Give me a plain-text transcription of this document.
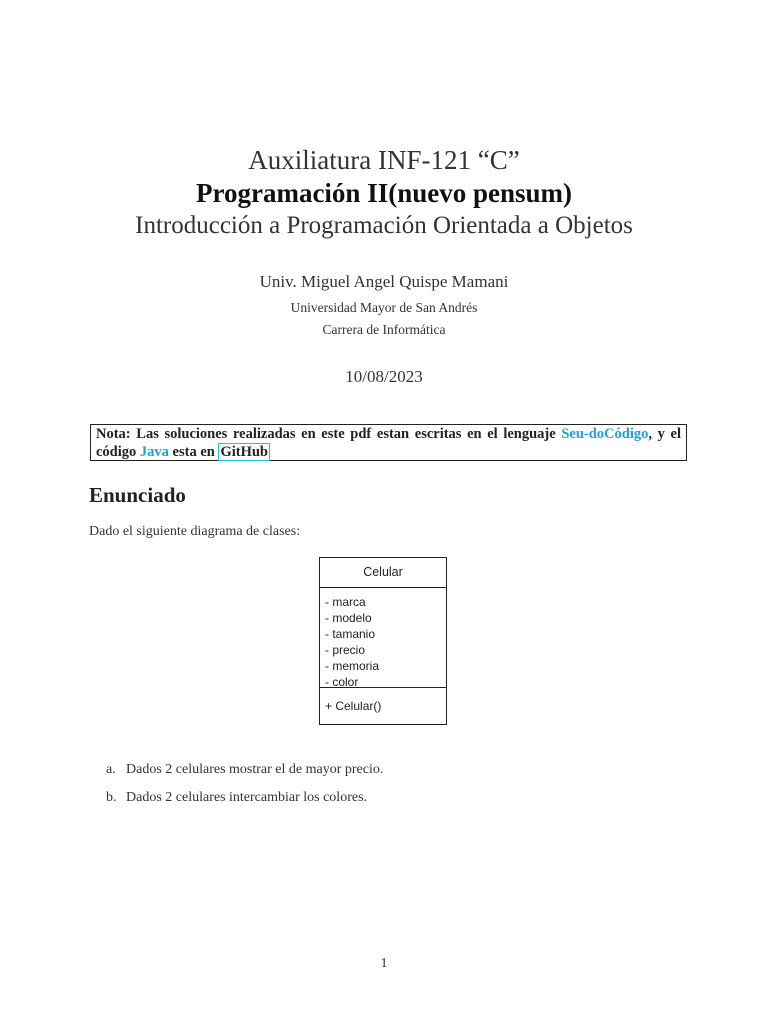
Auxiliatura INF-121 “C”
Programación II(nuevo pensum)
Introducción a Programación Orientada a Objetos
Univ. Miguel Angel Quispe Mamani
Universidad Mayor de San Andrés
Carrera de Informática
10/08/2023
Nota: Las soluciones realizadas en este pdf estan escritas en el lenguaje Seu-doCódigo, y el código Java esta en GitHub
Enunciado
Dado el siguiente diagrama de clases:
Celular
- marca
- modelo
- tamanio
- precio
- memoria
- color
+ Celular()
a. Dados 2 celulares mostrar el de mayor precio.
b. Dados 2 celulares intercambiar los colores.
1
